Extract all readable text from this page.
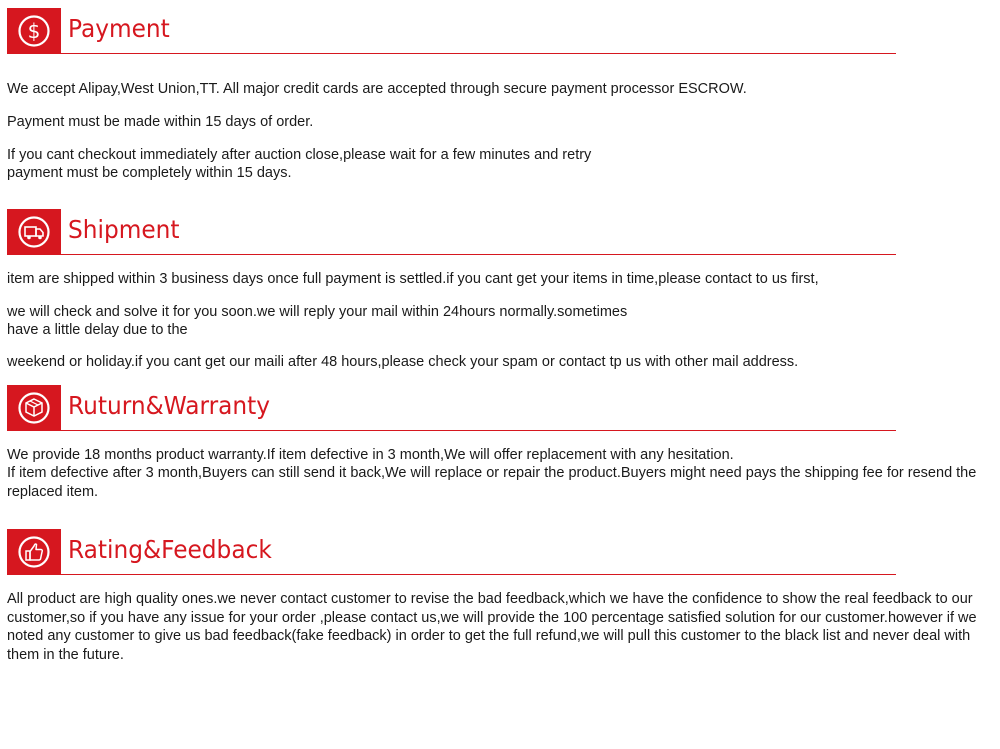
$ Payment

We accept Alipay,West Union,TT. All major credit cards are accepted through secure payment processor ESCROW.

Payment must be made within 15 days of order.

If you cant checkout immediately after auction close,please wait for a few minutes and retry

payment must be completely within 15 days.

Shipment

item are shipped within 3 business days once full payment is settled.if you cant get your items in time,please contact to us first,

we will check and solve it for you soon.we will reply your mail within 24hours normally.sometimes

have a little delay due to the

weekend or holiday.if you cant get our maili after 48 hours,please check your spam or contact tp us with other mail address.

Ruturn&Warranty

We provide 18 months product warranty.If item defective in 3 month,We will offer replacement with any hesitation.

If item defective after 3 month,Buyers can still send it back,We will replace or repair the product.Buyers might need pays the shipping fee for resend the replaced item.

Rating&Feedback

All product are high quality ones.we never contact customer to revise the bad feedback,which we have the confidence to show the real feedback to our customer,so if you have any issue for your order ,please contact us,we will provide the 100 percentage satisfied solution for our customer.however if we noted any customer to give us bad feedback(fake feedback) in order to get the full refund,we will pull this customer to the black list and never deal with them in the future.
